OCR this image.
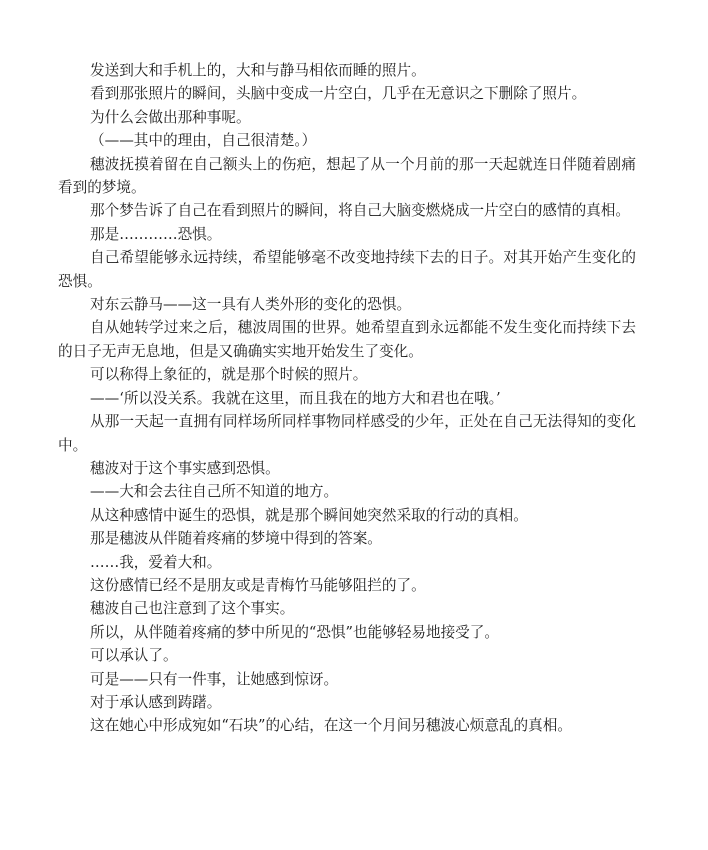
发送到大和手机上的，大和与静马相依而睡的照片。

看到那张照片的瞬间，头脑中变成一片空白，几乎在无意识之下删除了照片。

为什么会做出那种事呢。

（——其中的理由，自己很清楚。）

穗波抚摸着留在自己额头上的伤疤，想起了从一个月前的那一天起就连日伴随着剧痛看到的梦境。

那个梦告诉了自己在看到照片的瞬间，将自己大脑变燃烧成一片空白的感情的真相。

那是…………恐惧。

自己希望能够永远持续，希望能够毫不改变地持续下去的日子。对其开始产生变化的恐惧。

对东云静马——这一具有人类外形的变化的恐惧。

自从她转学过来之后，穗波周围的世界。她希望直到永远都能不发生变化而持续下去的日子无声无息地，但是又确确实实地开始发生了变化。

可以称得上象征的，就是那个时候的照片。

——‘所以没关系。我就在这里，而且我在的地方大和君也在哦。’

从那一天起一直拥有同样场所同样事物同样感受的少年，正处在自己无法得知的变化中。

穗波对于这个事实感到恐惧。

——大和会去往自己所不知道的地方。

从这种感情中诞生的恐惧，就是那个瞬间她突然采取的行动的真相。

那是穗波从伴随着疼痛的梦境中得到的答案。

……我，爱着大和。

这份感情已经不是朋友或是青梅竹马能够阻拦的了。

穗波自己也注意到了这个事实。

所以，从伴随着疼痛的梦中所见的“恐惧”也能够轻易地接受了。

可以承认了。

可是——只有一件事，让她感到惊讶。

对于承认感到踌躇。

这在她心中形成宛如“石块”的心结，在这一个月间另穗波心烦意乱的真相。
